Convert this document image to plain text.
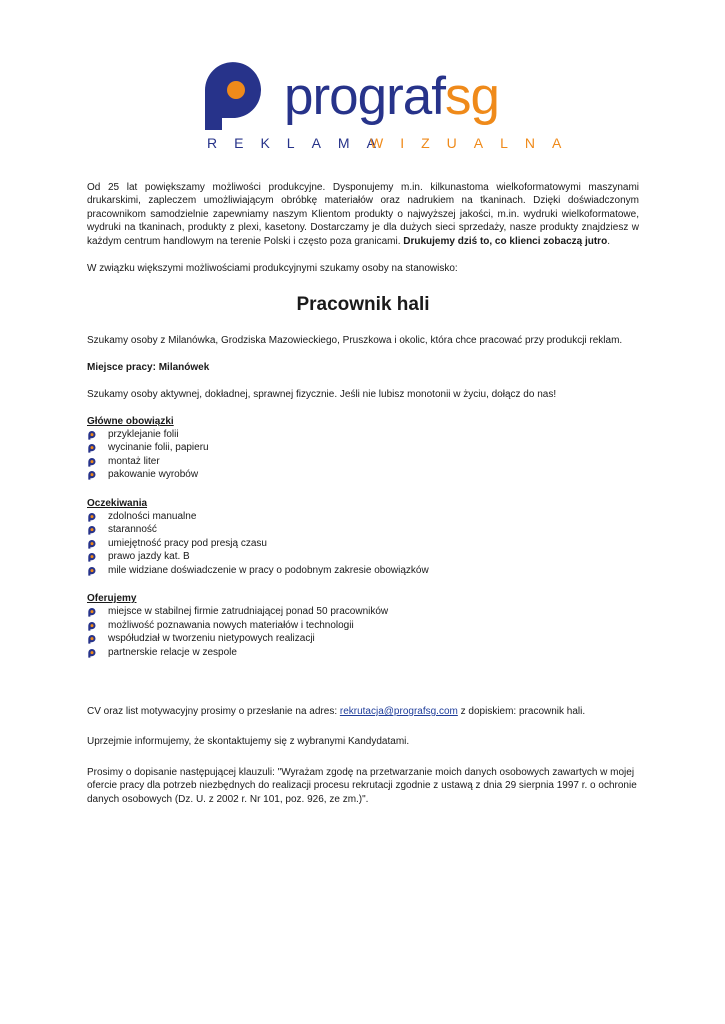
prografsg
REKLAMA
WIZUALNA

Od 25 lat powiększamy możliwości produkcyjne. Dysponujemy m.in. kilkunastoma wielkoformatowymi maszynami drukarskimi, zapleczem umożliwiającym obróbkę materiałów oraz nadrukiem na tkaninach. Dzięki doświadczonym pracownikom samodzielnie zapewniamy naszym Klientom produkty o najwyższej jakości, m.in. wydruki wielkoformatowe, wydruki na tkaninach, produkty z plexi, kasetony. Dostarczamy je dla dużych sieci sprzedaży, nasze produkty znajdziesz w każdym centrum handlowym na terenie Polski i często poza granicami. Drukujemy dziś to, co klienci zobaczą jutro.

W związku większymi możliwościami produkcyjnymi szukamy osoby na stanowisko:

Pracownik hali

Szukamy osoby z Milanówka, Grodziska Mazowieckiego, Pruszkowa i okolic, która chce pracować przy produkcji reklam.

Miejsce pracy: Milanówek

Szukamy osoby aktywnej, dokładnej, sprawnej fizycznie. Jeśli nie lubisz monotonii w życiu, dołącz do nas!

Główne obowiązki

przyklejanie folii
wycinanie folii, papieru
montaż liter
pakowanie wyrobów

Oczekiwania

zdolności manualne
staranność
umiejętność pracy pod presją czasu
prawo jazdy kat. B
mile widziane doświadczenie w pracy o podobnym zakresie obowiązków

Oferujemy

miejsce w stabilnej firmie zatrudniającej ponad 50 pracowników
możliwość poznawania nowych materiałów i technologii
współudział w tworzeniu nietypowych realizacji
partnerskie relacje w zespole

CV oraz list motywacyjny prosimy o przesłanie na adres: rekrutacja@prografsg.com z dopiskiem: pracownik hali.

Uprzejmie informujemy, że skontaktujemy się z wybranymi Kandydatami.

Prosimy o dopisanie następującej klauzuli: "Wyrażam zgodę na przetwarzanie moich danych osobowych zawartych w mojej ofercie pracy dla potrzeb niezbędnych do realizacji procesu rekrutacji zgodnie z ustawą z dnia 29 sierpnia 1997 r. o ochronie danych osobowych (Dz. U. z 2002 r. Nr 101, poz. 926, ze zm.)".
